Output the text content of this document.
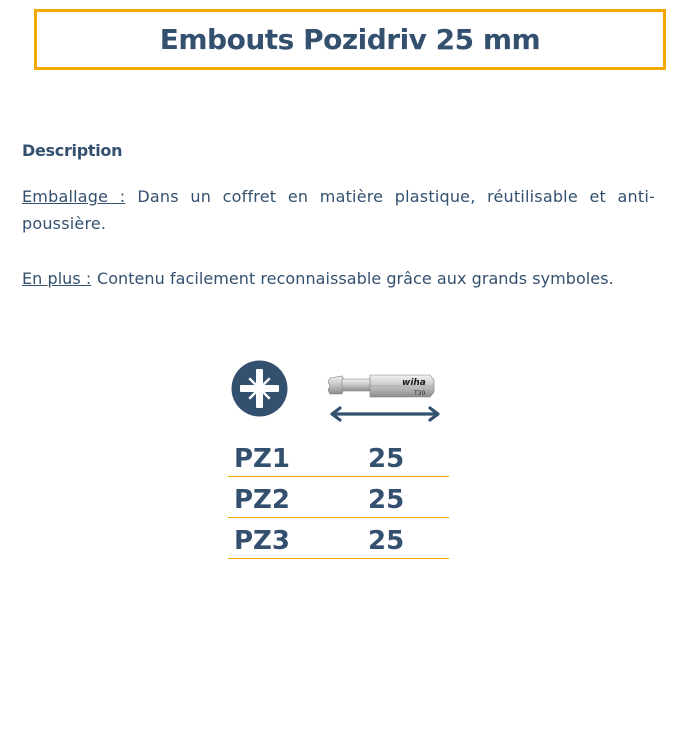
Embouts Pozidriv 25 mm
Description

Emballage : Dans un coffret en matière plastique, réutilisable et anti-poussière.

En plus : Contenu facilement reconnaissable grâce aux grands symboles.

wiha
T30
PZ1	25
PZ2	25
PZ3	25
